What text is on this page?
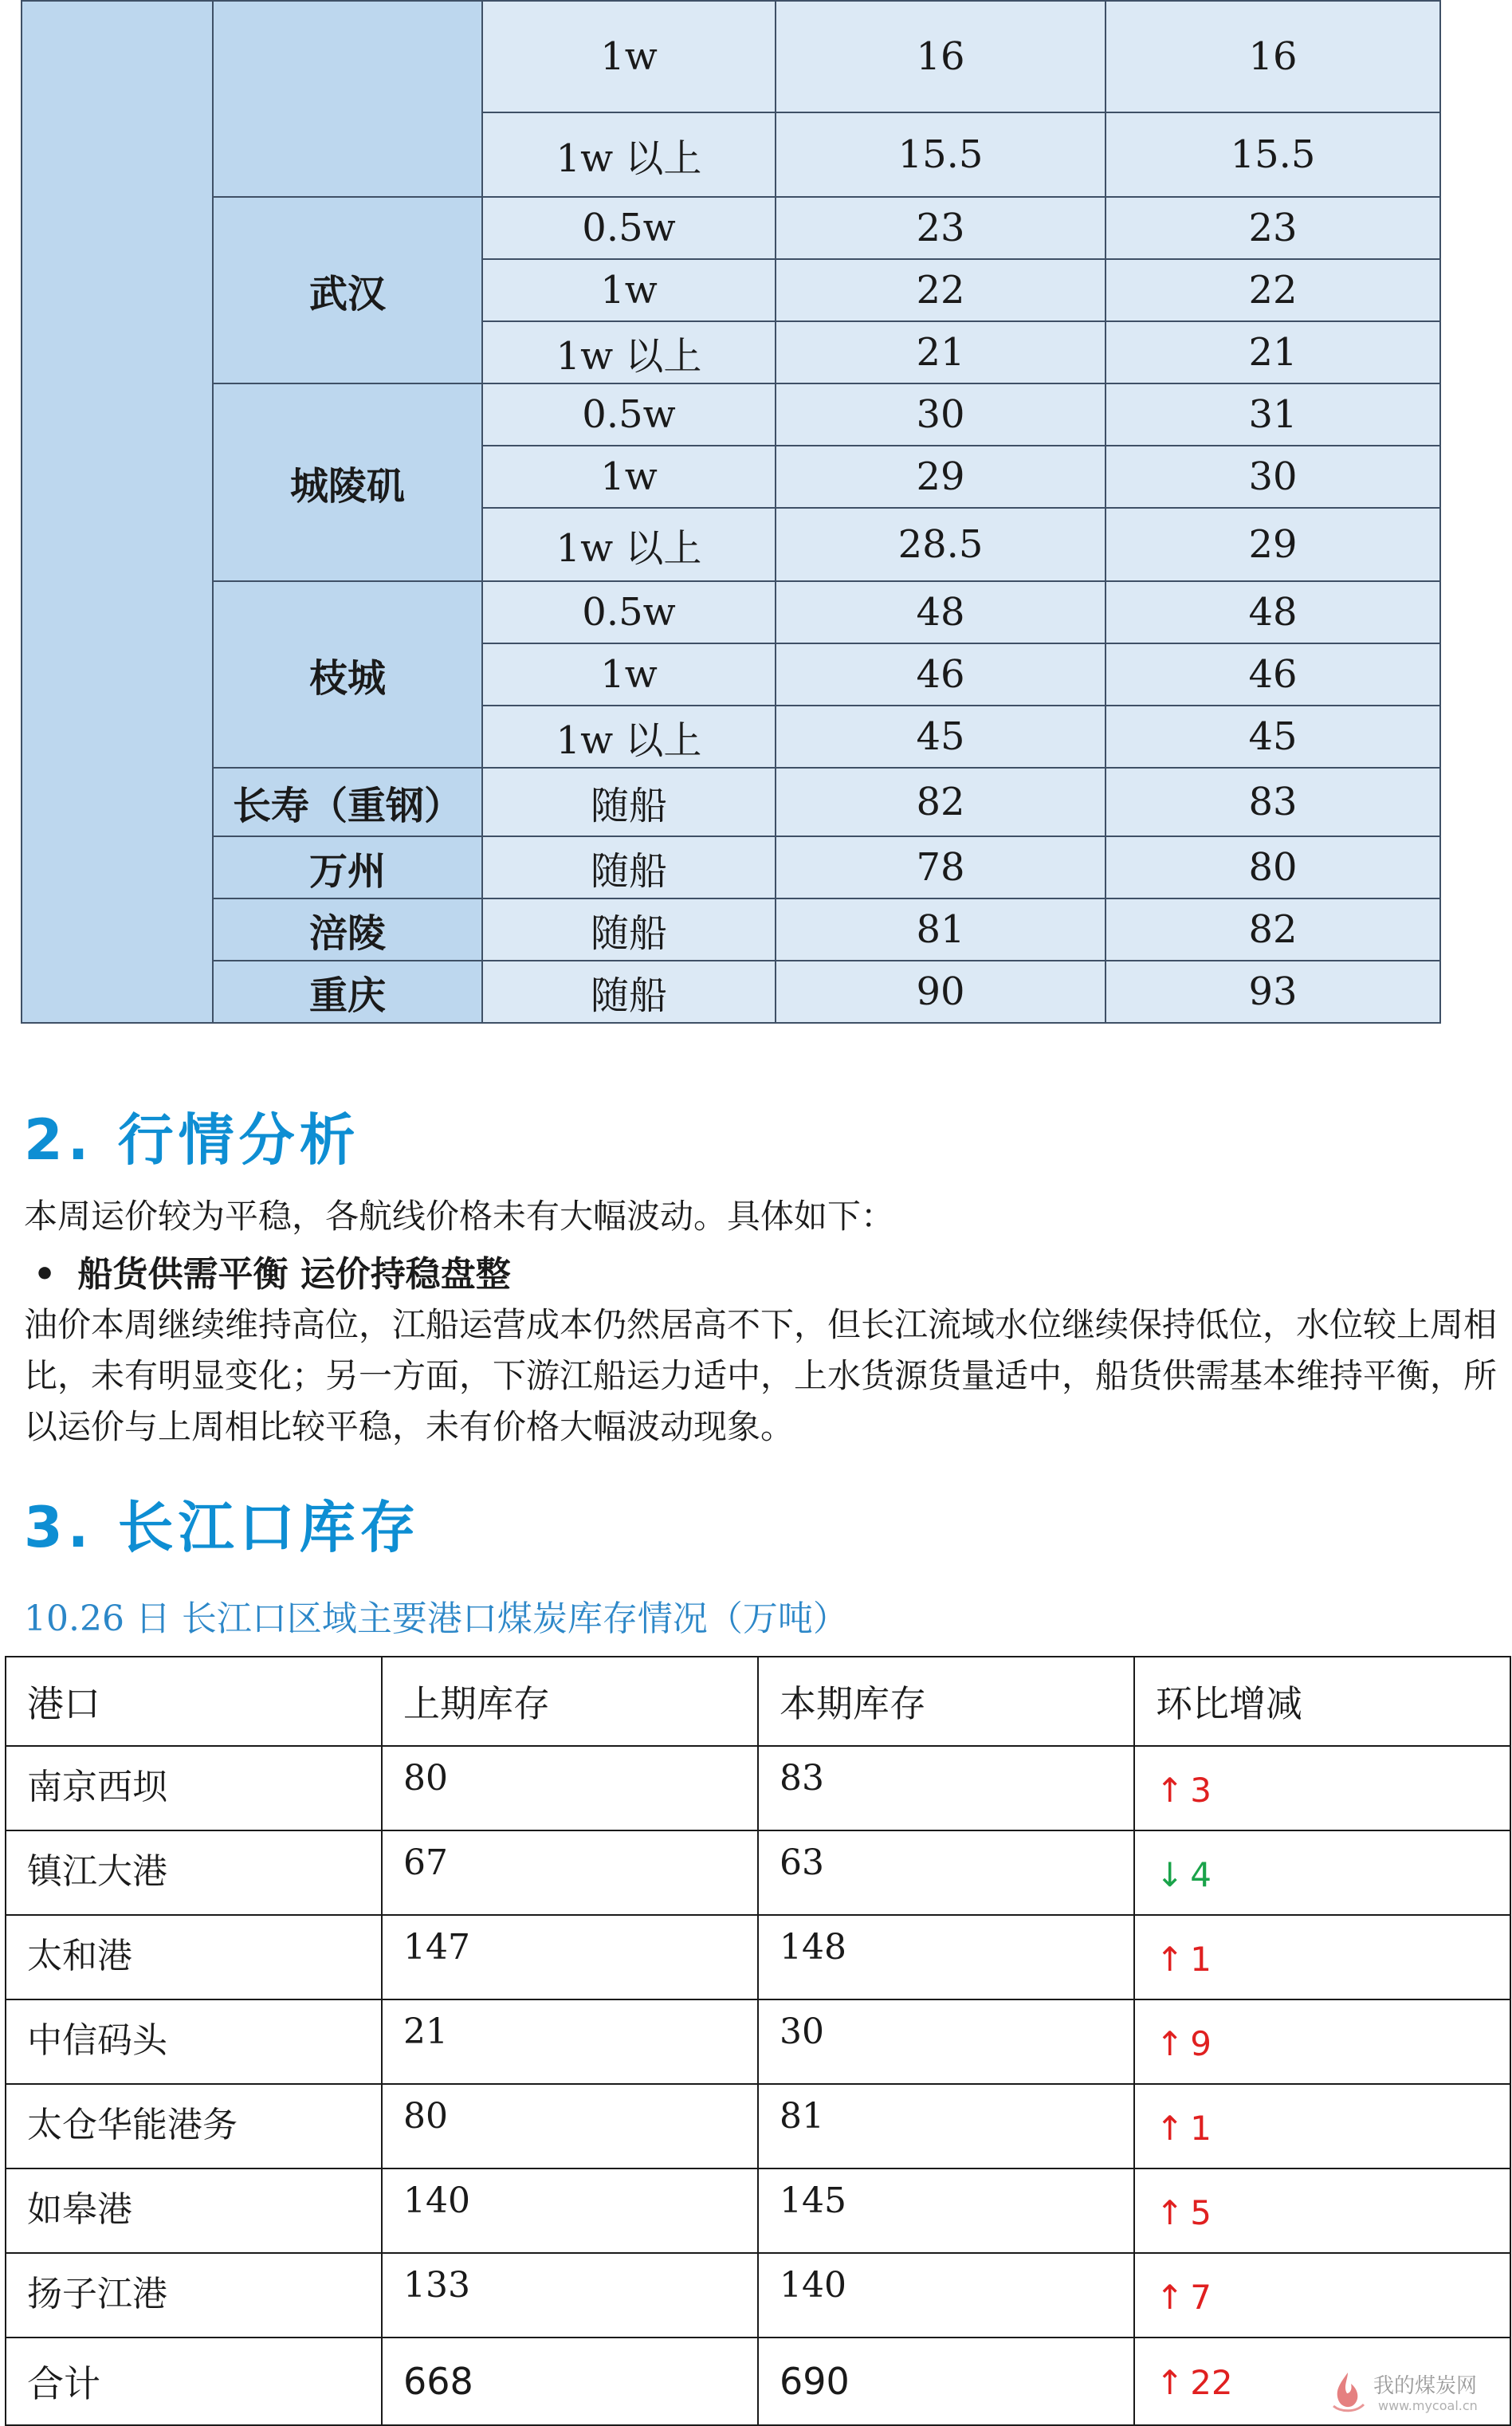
		1w	16	16
		1w 以上	15.5	15.5
	武汉	0.5w	23	23
		1w	22	22
		1w 以上	21	21
	城陵矶	0.5w	30	31
		1w	29	30
		1w 以上	28.5	29
	枝城	0.5w	48	48
		1w	46	46
		1w 以上	45	45
	长寿（重钢）	随船	82	83
	万州	随船	78	80
	涪陵	随船	81	82
	重庆	随船	90	93
2. 行情分析
本周运价较为平稳，各航线价格未有大幅波动。具体如下：
• 船货供需平衡 运价持稳盘整
油价本周继续维持高位，江船运营成本仍然居高不下，但长江流域水位继续保持低位，水位较上周相比，未有明显变化；另一方面，下游江船运力适中，上水货源货量适中，船货供需基本维持平衡，所以运价与上周相比较平稳，未有价格大幅波动现象。
3. 长江口库存
10.26 日 长江口区域主要港口煤炭库存情况（万吨）
港口	上期库存	本期库存	环比增减
南京西坝	80	83	↑ 3
镇江大港	67	63	↓ 4
太和港	147	148	↑ 1
中信码头	21	30	↑ 9
太仓华能港务	80	81	↑ 1
如皋港	140	145	↑ 5
扬子江港	133	140	↑ 7
合计	668	690	↑ 22	我的煤炭网
www.mycoal.cn
